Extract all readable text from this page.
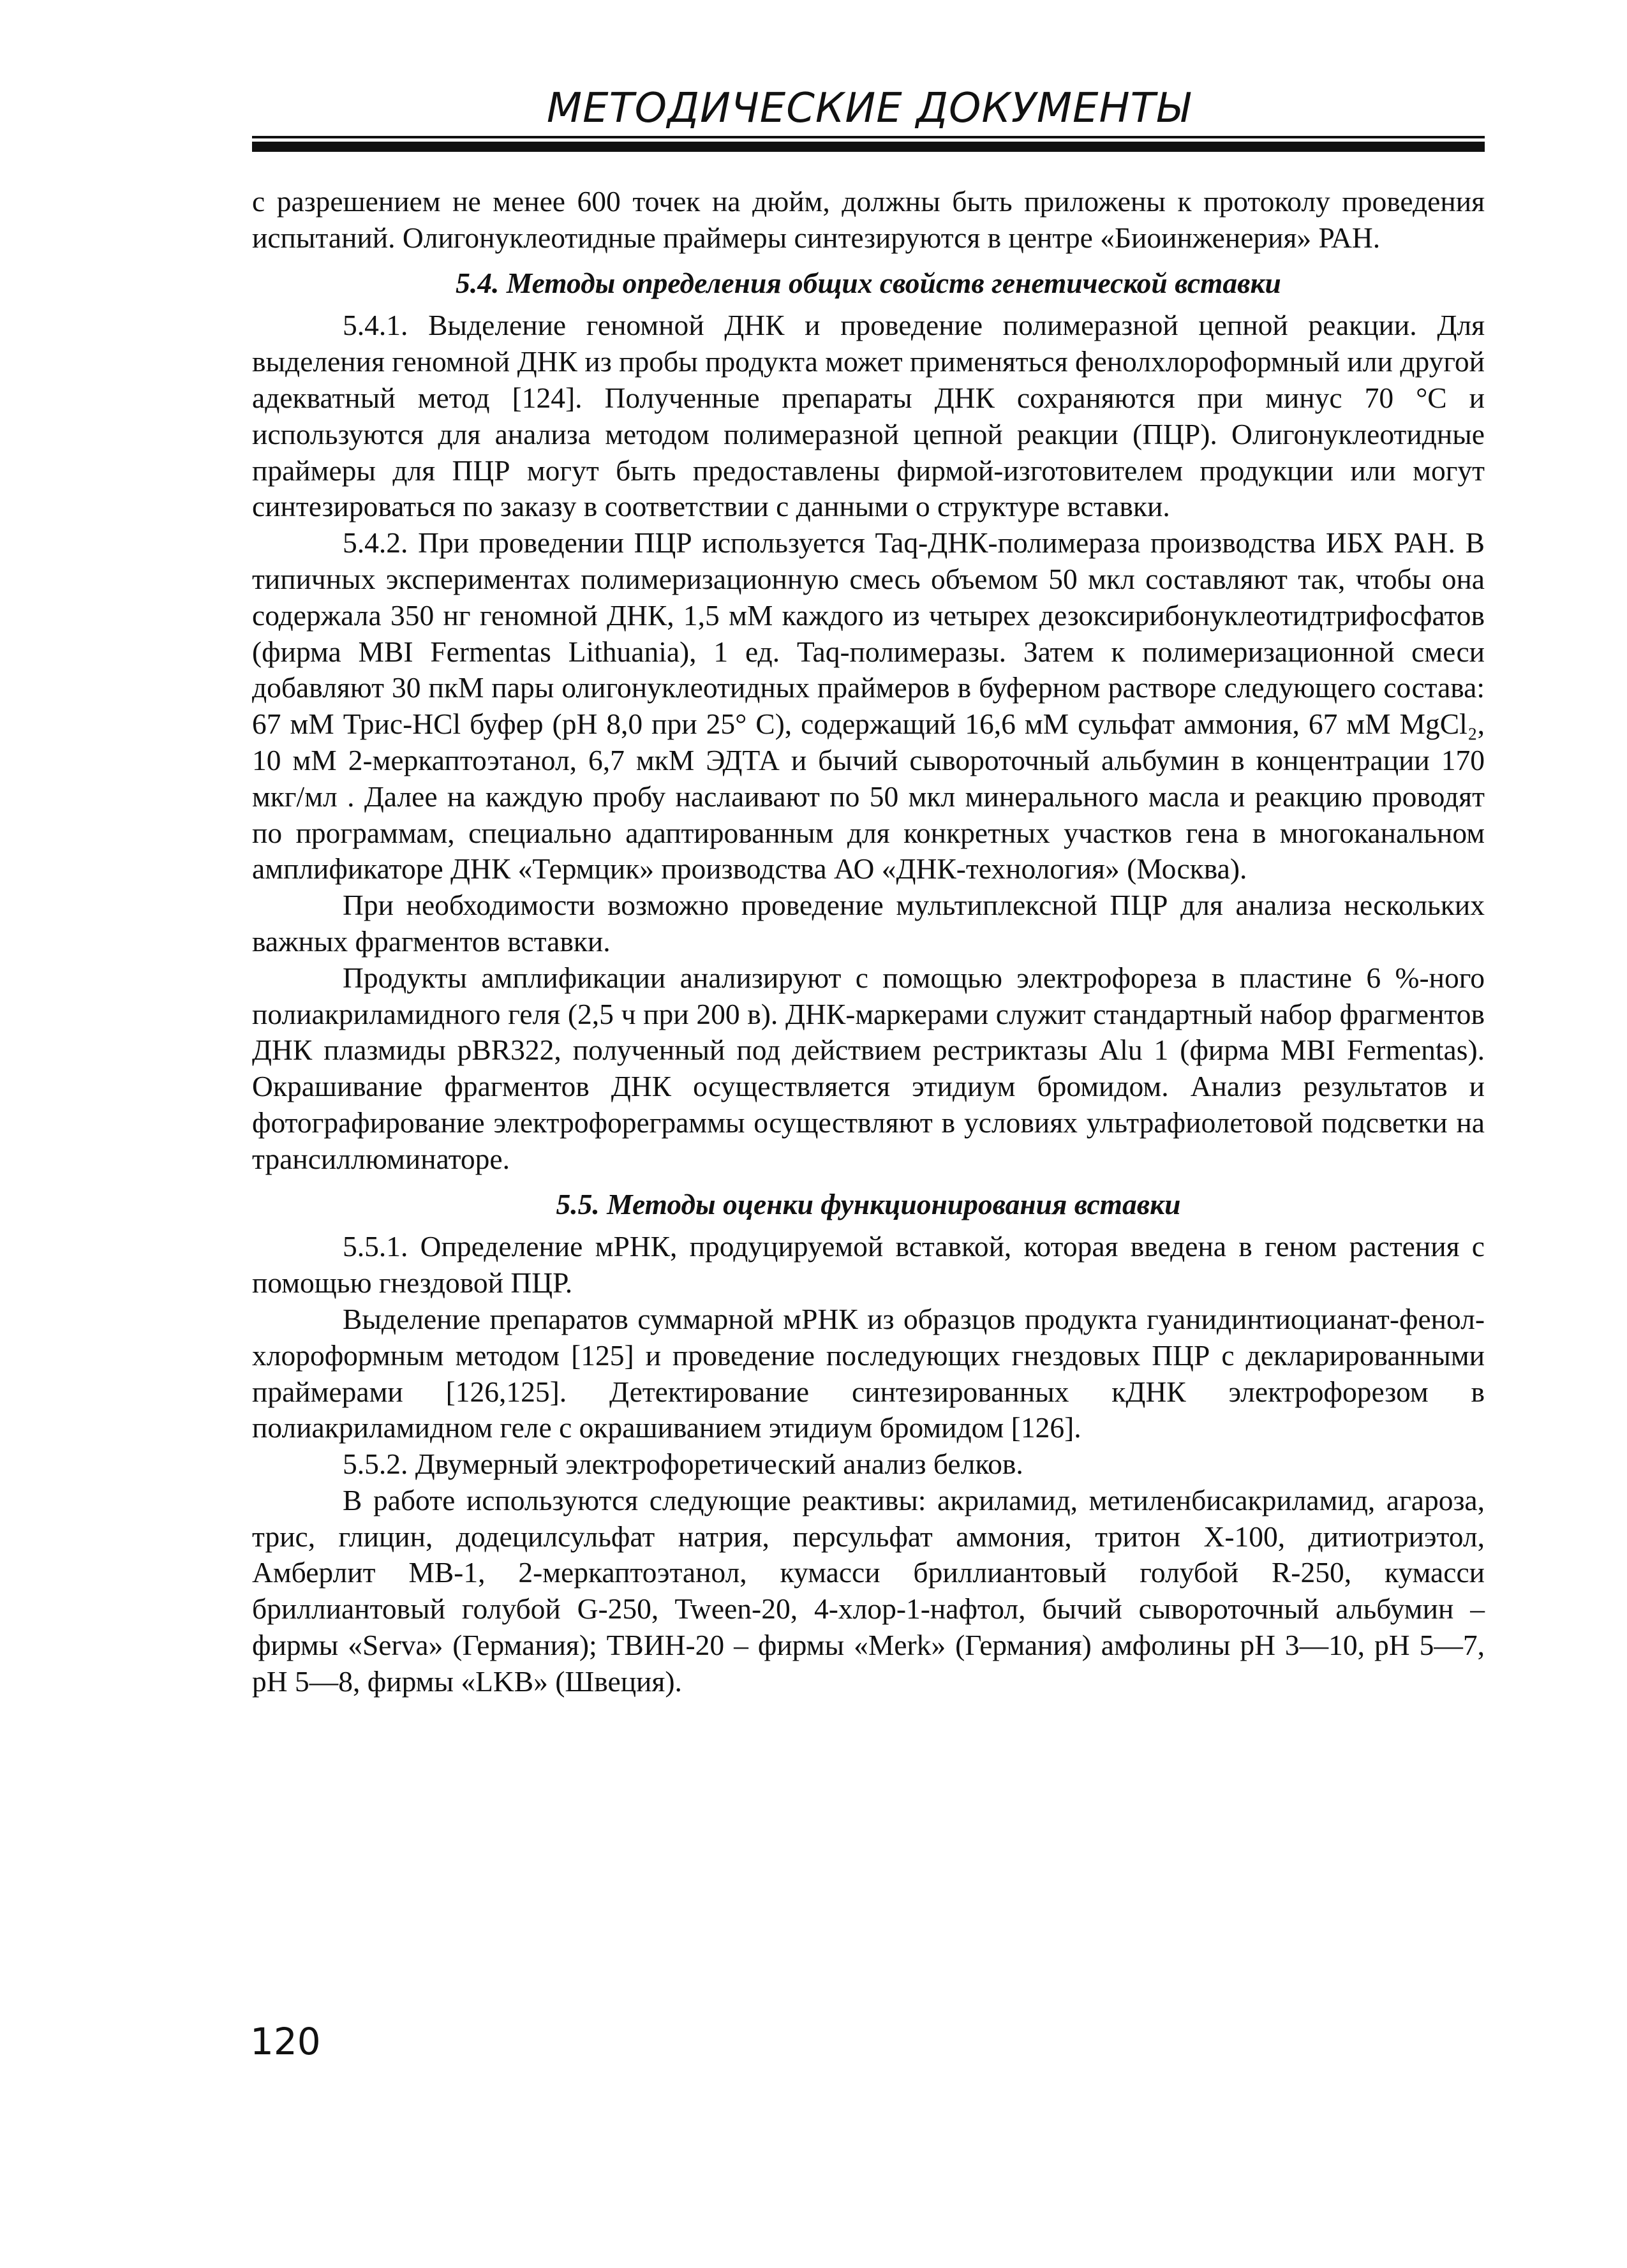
МЕТОДИЧЕСКИЕ ДОКУМЕНТЫ

с разрешением не менее 600 точек на дюйм, должны быть приложены к протоколу проведения испытаний. Олигонуклеотидные праймеры синтезируются в центре «Биоинженерия» РАН.

5.4. Методы определения общих свойств генетической вставки

5.4.1. Выделение геномной ДНК и проведение полимеразной цепной реакции. Для выделения геномной ДНК из пробы продукта может применяться фенолхлороформный или другой адекватный метод [124]. Полученные препараты ДНК сохраняются при минус 70 °С и используются для анализа методом полимеразной цепной реакции (ПЦР). Олигонуклеотидные праймеры для ПЦР могут быть предоставлены фирмой-изготовителем продукции или могут синтезироваться по заказу в соответствии с данными о структуре вставки.

5.4.2. При проведении ПЦР используется Taq-ДНК-полимераза производства ИБХ РАН. В типичных экспериментах полимеризационную смесь объемом 50 мкл составляют так, чтобы она содержала 350 нг геномной ДНК, 1,5 мМ каждого из четырех дезоксирибонуклеотидтрифосфатов (фирма MBI Fermentas Lithuania), 1 ед. Taq-полимеразы. Затем к полимеризационной смеси добавляют 30 пкМ пары олигонуклеотидных праймеров в буферном растворе следующего состава: 67 мМ Трис-HCl буфер (рН 8,0 при 25° С), содержащий 16,6 мМ сульфат аммония, 67 мМ MgCl₂, 10 мМ 2-меркаптоэтанол, 6,7 мкМ ЭДТА и бычий сывороточный альбумин в концентрации 170 мкг/мл . Далее на каждую пробу наслаивают по 50 мкл минерального масла и реакцию проводят по программам, специально адаптированным для конкретных участков гена в многоканальном амплификаторе ДНК «Термцик» производства АО «ДНК-технология» (Москва).

При необходимости возможно проведение мультиплексной ПЦР для анализа нескольких важных фрагментов вставки.

Продукты амплификации анализируют с помощью электрофореза в пластине 6 %-ного полиакриламидного геля (2,5 ч при 200 в). ДНК-маркерами служит стандартный набор фрагментов ДНК плазмиды pBR322, полученный под действием рестриктазы Alu 1 (фирма MBI Fermentas). Окрашивание фрагментов ДНК осуществляется этидиум бромидом. Анализ результатов и фотографирование электрофореграммы осуществляют в условиях ультрафиолетовой подсветки на трансиллюминаторе.

5.5. Методы оценки функционирования вставки

5.5.1. Определение мРНК, продуцируемой вставкой, которая введена в геном растения с помощью гнездовой ПЦР.

Выделение препаратов суммарной мРНК из образцов продукта гуанидинтиоцианат-фенол-хлороформным методом [125] и проведение последующих гнездовых ПЦР с декларированными праймерами [126,125]. Детектирование синтезированных кДНК электрофорезом в полиакриламидном геле с окрашиванием этидиум бромидом [126].

5.5.2. Двумерный электрофоретический анализ белков.

В работе используются следующие реактивы: акриламид, метиленбисакриламид, агароза, трис, глицин, додецилсульфат натрия, персульфат аммония, тритон Х-100, дитиотриэтол, Амберлит МВ-1, 2-меркаптоэтанол, кумасси бриллиантовый голубой R-250, кумасси бриллиантовый голубой G-250, Tween-20, 4-хлор-1-нафтол, бычий сывороточный альбумин – фирмы «Serva» (Германия); ТВИН-20 – фирмы «Merk» (Германия) амфолины рН 3—10, рН 5—7, рН 5—8, фирмы «LKB» (Швеция).

120
